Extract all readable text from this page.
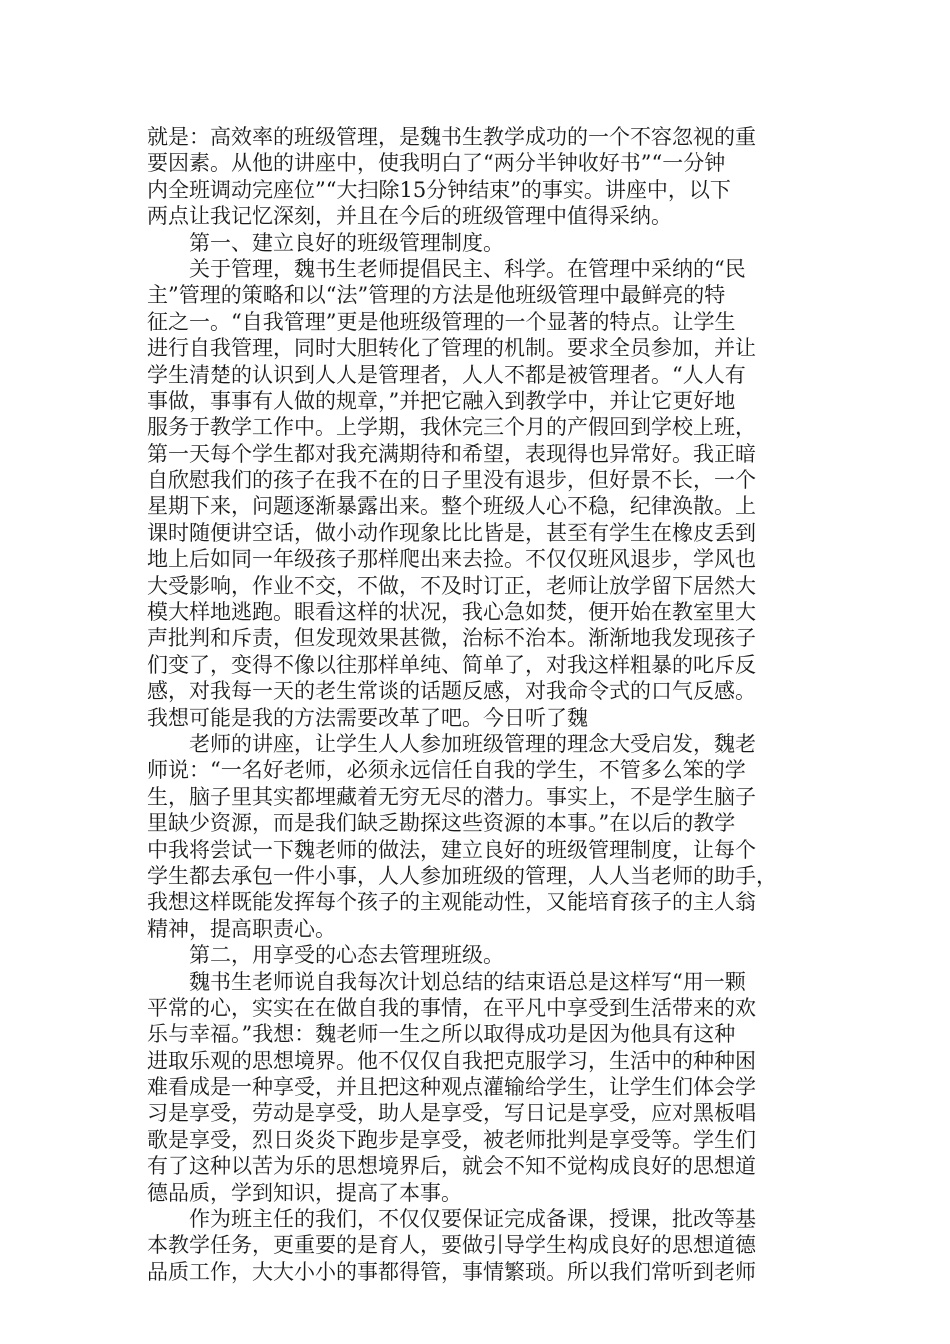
就是：高效率的班级管理，是魏书生教学成功的一个不容忽视的重
要因素。从他的讲座中，使我明白了“两分半钟收好书”“一分钟
内全班调动完座位”“大扫除15分钟结束”的事实。讲座中，以下
两点让我记忆深刻，并且在今后的班级管理中值得采纳。
第一、建立良好的班级管理制度。
关于管理，魏书生老师提倡民主、科学。在管理中采纳的“民
主”管理的策略和以“法”管理的方法是他班级管理中最鲜亮的特
征之一。“自我管理”更是他班级管理的一个显著的特点。让学生
进行自我管理，同时大胆转化了管理的机制。要求全员参加，并让
学生清楚的认识到人人是管理者，人人不都是被管理者。“人人有
事做，事事有人做的规章，”并把它融入到教学中，并让它更好地
服务于教学工作中。上学期，我休完三个月的产假回到学校上班，
第一天每个学生都对我充满期待和希望，表现得也异常好。我正暗
自欣慰我们的孩子在我不在的日子里没有退步，但好景不长，一个
星期下来，问题逐渐暴露出来。整个班级人心不稳，纪律涣散。上
课时随便讲空话，做小动作现象比比皆是，甚至有学生在橡皮丢到
地上后如同一年级孩子那样爬出来去捡。不仅仅班风退步，学风也
大受影响，作业不交，不做，不及时订正，老师让放学留下居然大
模大样地逃跑。眼看这样的状况，我心急如焚，便开始在教室里大
声批判和斥责，但发现效果甚微，治标不治本。渐渐地我发现孩子
们变了，变得不像以往那样单纯、简单了，对我这样粗暴的叱斥反
感，对我每一天的老生常谈的话题反感，对我命令式的口气反感。
我想可能是我的方法需要改革了吧。今日听了魏
老师的讲座，让学生人人参加班级管理的理念大受启发，魏老
师说：“一名好老师，必须永远信任自我的学生，不管多么笨的学
生，脑子里其实都埋藏着无穷无尽的潜力。事实上，不是学生脑子
里缺少资源，而是我们缺乏勘探这些资源的本事。”在以后的教学
中我将尝试一下魏老师的做法，建立良好的班级管理制度，让每个
学生都去承包一件小事，人人参加班级的管理，人人当老师的助手，
我想这样既能发挥每个孩子的主观能动性，又能培育孩子的主人翁
精神，提高职责心。
第二，用享受的心态去管理班级。
魏书生老师说自我每次计划总结的结束语总是这样写“用一颗
平常的心，实实在在做自我的事情，在平凡中享受到生活带来的欢
乐与幸福。”我想：魏老师一生之所以取得成功是因为他具有这种
进取乐观的思想境界。他不仅仅自我把克服学习，生活中的种种困
难看成是一种享受，并且把这种观点灌输给学生，让学生们体会学
习是享受，劳动是享受，助人是享受，写日记是享受，应对黑板唱
歌是享受，烈日炎炎下跑步是享受，被老师批判是享受等。学生们
有了这种以苦为乐的思想境界后，就会不知不觉构成良好的思想道
德品质，学到知识，提高了本事。
作为班主任的我们，不仅仅要保证完成备课，授课，批改等基
本教学任务，更重要的是育人，要做引导学生构成良好的思想道德
品质工作，大大小小的事都得管，事情繁琐。所以我们常听到老师
